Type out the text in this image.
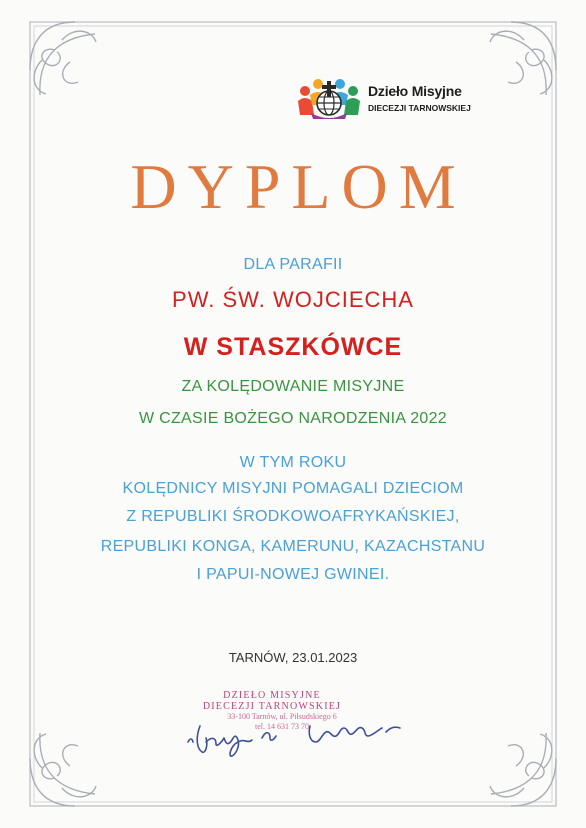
Dzieło Misyjne
DIECEZJI TARNOWSKIEJ
DYPLOM
DLA PARAFII
PW. ŚW. WOJCIECHA
W STASZKÓWCE
ZA KOLĘDOWANIE MISYJNE
W CZASIE BOŻEGO NARODZENIA 2022
W TYM ROKU
KOLĘDNICY MISYJNI POMAGALI DZIECIOM
Z REPUBLIKI ŚRODKOWOAFRYKAŃSKIEJ,
REPUBLIKI KONGA, KAMERUNU, KAZACHSTANU
I PAPUI-NOWEJ GWINEI.
TARNÓW, 23.01.2023
DZIEŁO MISYJNE
DIECEZJI TARNOWSKIEJ
33-100 Tarnów, ul. Piłsudskiego 6
tel. 14 631 73 70
